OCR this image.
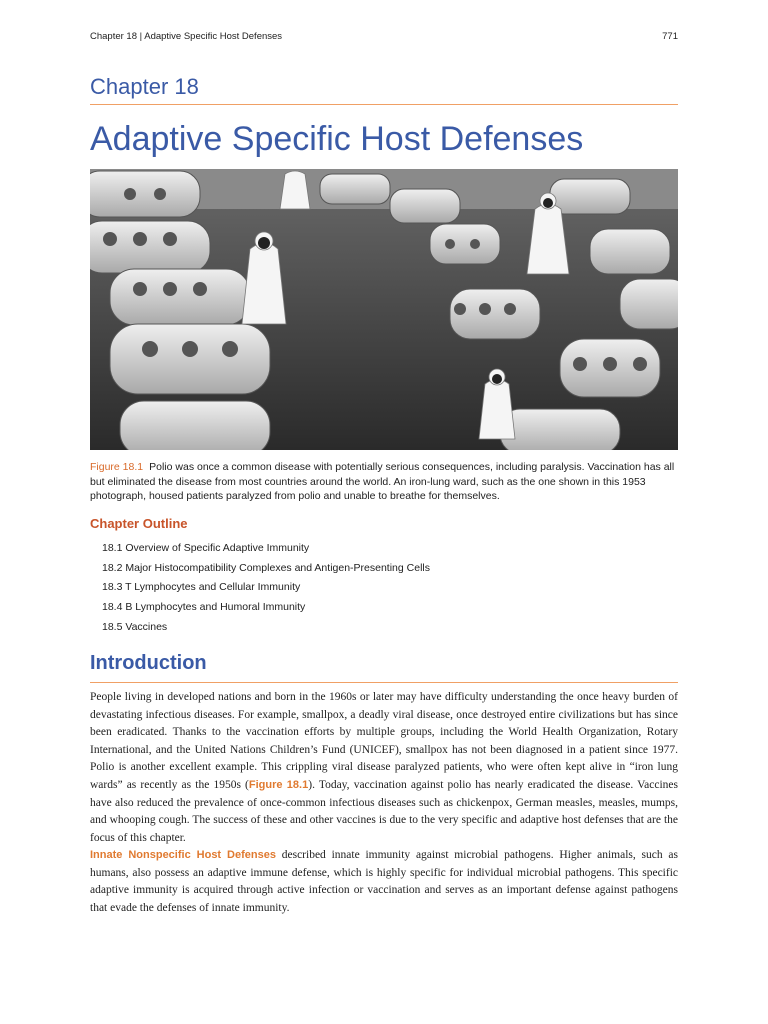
Chapter 18 | Adaptive Specific Host Defenses	771
Chapter 18
Adaptive Specific Host Defenses
Figure 18.1 Polio was once a common disease with potentially serious consequences, including paralysis. Vaccination has all but eliminated the disease from most countries around the world. An iron-lung ward, such as the one shown in this 1953 photograph, housed patients paralyzed from polio and unable to breathe for themselves.
Chapter Outline
18.1 Overview of Specific Adaptive Immunity
18.2 Major Histocompatibility Complexes and Antigen-Presenting Cells
18.3 T Lymphocytes and Cellular Immunity
18.4 B Lymphocytes and Humoral Immunity
18.5 Vaccines
Introduction

People living in developed nations and born in the 1960s or later may have difficulty understanding the once heavy burden of devastating infectious diseases. For example, smallpox, a deadly viral disease, once destroyed entire civilizations but has since been eradicated. Thanks to the vaccination efforts by multiple groups, including the World Health Organization, Rotary International, and the United Nations Children’s Fund (UNICEF), smallpox has not been diagnosed in a patient since 1977. Polio is another excellent example. This crippling viral disease paralyzed patients, who were often kept alive in “iron lung wards” as recently as the 1950s (Figure 18.1). Today, vaccination against polio has nearly eradicated the disease. Vaccines have also reduced the prevalence of once-common infectious diseases such as chickenpox, German measles, measles, mumps, and whooping cough. The success of these and other vaccines is due to the very specific and adaptive host defenses that are the focus of this chapter.

Innate Nonspecific Host Defenses described innate immunity against microbial pathogens. Higher animals, such as humans, also possess an adaptive immune defense, which is highly specific for individual microbial pathogens. This specific adaptive immunity is acquired through active infection or vaccination and serves as an important defense against pathogens that evade the defenses of innate immunity.
